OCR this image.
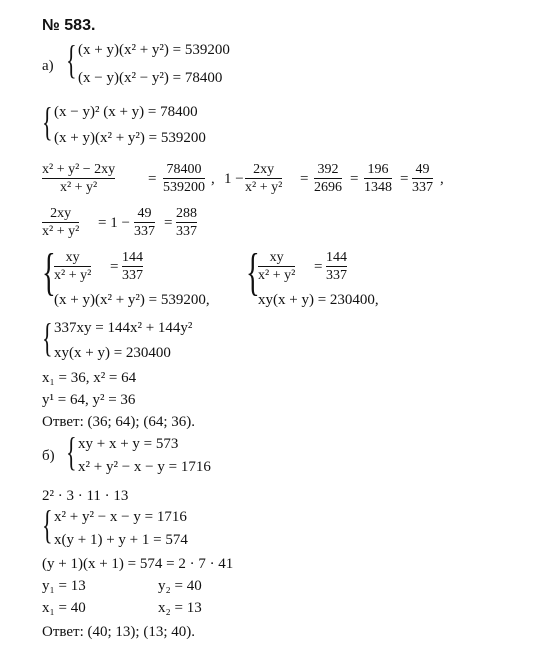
№ 583.
а) { (x + y)(x² + y²) = 539200
(x − y)(x² − y²) = 78400
{ (x − y)² (x + y) = 78400
(x + y)(x² + y²) = 539200
x² + y² − 2xy
x² + y²
=
78400
539200
, 1 −
2xy
x² + y²
=
392
2696
=
196
1348
=
49
337
,
2xy
x² + y²
= 1 −
49
337
=
288
337
{ xy
x² + y²
=
144
337
(x + y)(x² + y²) = 539200, { xy
x² + y²
=
144
337
xy(x + y) = 230400,
{ 337xy = 144x² + 144y²
xy(x + y) = 230400
x₁ = 36, x² = 64
y¹ = 64, y² = 36
Ответ: (36; 64); (64; 36).
б) { xy + x + y = 573
x² + y² − x − y = 1716
2² · 3 · 11 · 13
{ x² + y² − x − y = 1716
x(y + 1) + y + 1 = 574
(y + 1)(x + 1) = 574 = 2 · 7 · 41
y₁ = 13	y₂ = 40
x₁ = 40	x₂ = 13
Ответ: (40; 13); (13; 40).
